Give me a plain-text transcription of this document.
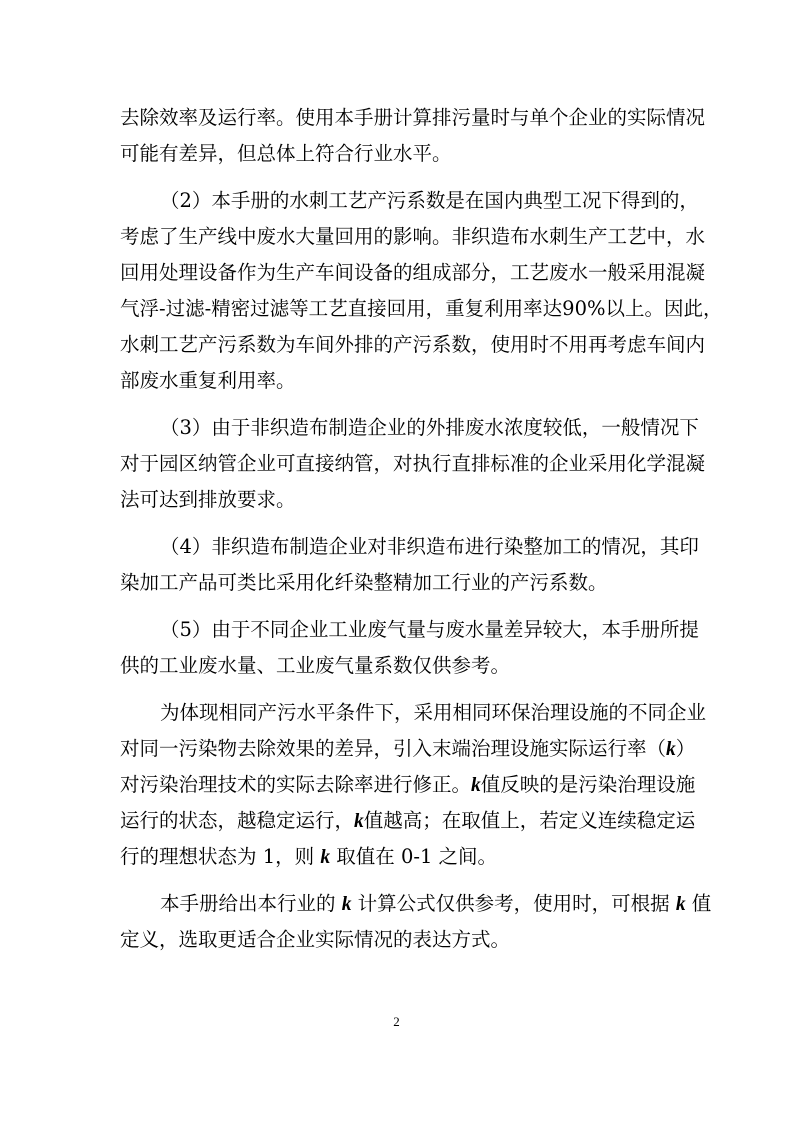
去除效率及运行率。使用本手册计算排污量时与单个企业的实际情况
可能有差异，但总体上符合行业水平。
（2）本手册的水刺工艺产污系数是在国内典型工况下得到的，
考虑了生产线中废水大量回用的影响。非织造布水刺生产工艺中，水
回用处理设备作为生产车间设备的组成部分，工艺废水一般采用混凝
气浮-过滤-精密过滤等工艺直接回用，重复利用率达90%以上。因此，
水刺工艺产污系数为车间外排的产污系数，使用时不用再考虑车间内
部废水重复利用率。
（3）由于非织造布制造企业的外排废水浓度较低，一般情况下
对于园区纳管企业可直接纳管，对执行直排标准的企业采用化学混凝
法可达到排放要求。
（4）非织造布制造企业对非织造布进行染整加工的情况，其印
染加工产品可类比采用化纤染整精加工行业的产污系数。
（5）由于不同企业工业废气量与废水量差异较大，本手册所提
供的工业废水量、工业废气量系数仅供参考。
为体现相同产污水平条件下，采用相同环保治理设施的不同企业
对同一污染物去除效果的差异，引入末端治理设施实际运行率（k）
对污染治理技术的实际去除率进行修正。k值反映的是污染治理设施
运行的状态，越稳定运行，k值越高；在取值上，若定义连续稳定运
行的理想状态为 1，则 k 取值在 0-1 之间。
本手册给出本行业的 k 计算公式仅供参考，使用时，可根据 k 值
定义，选取更适合企业实际情况的表达方式。
2
